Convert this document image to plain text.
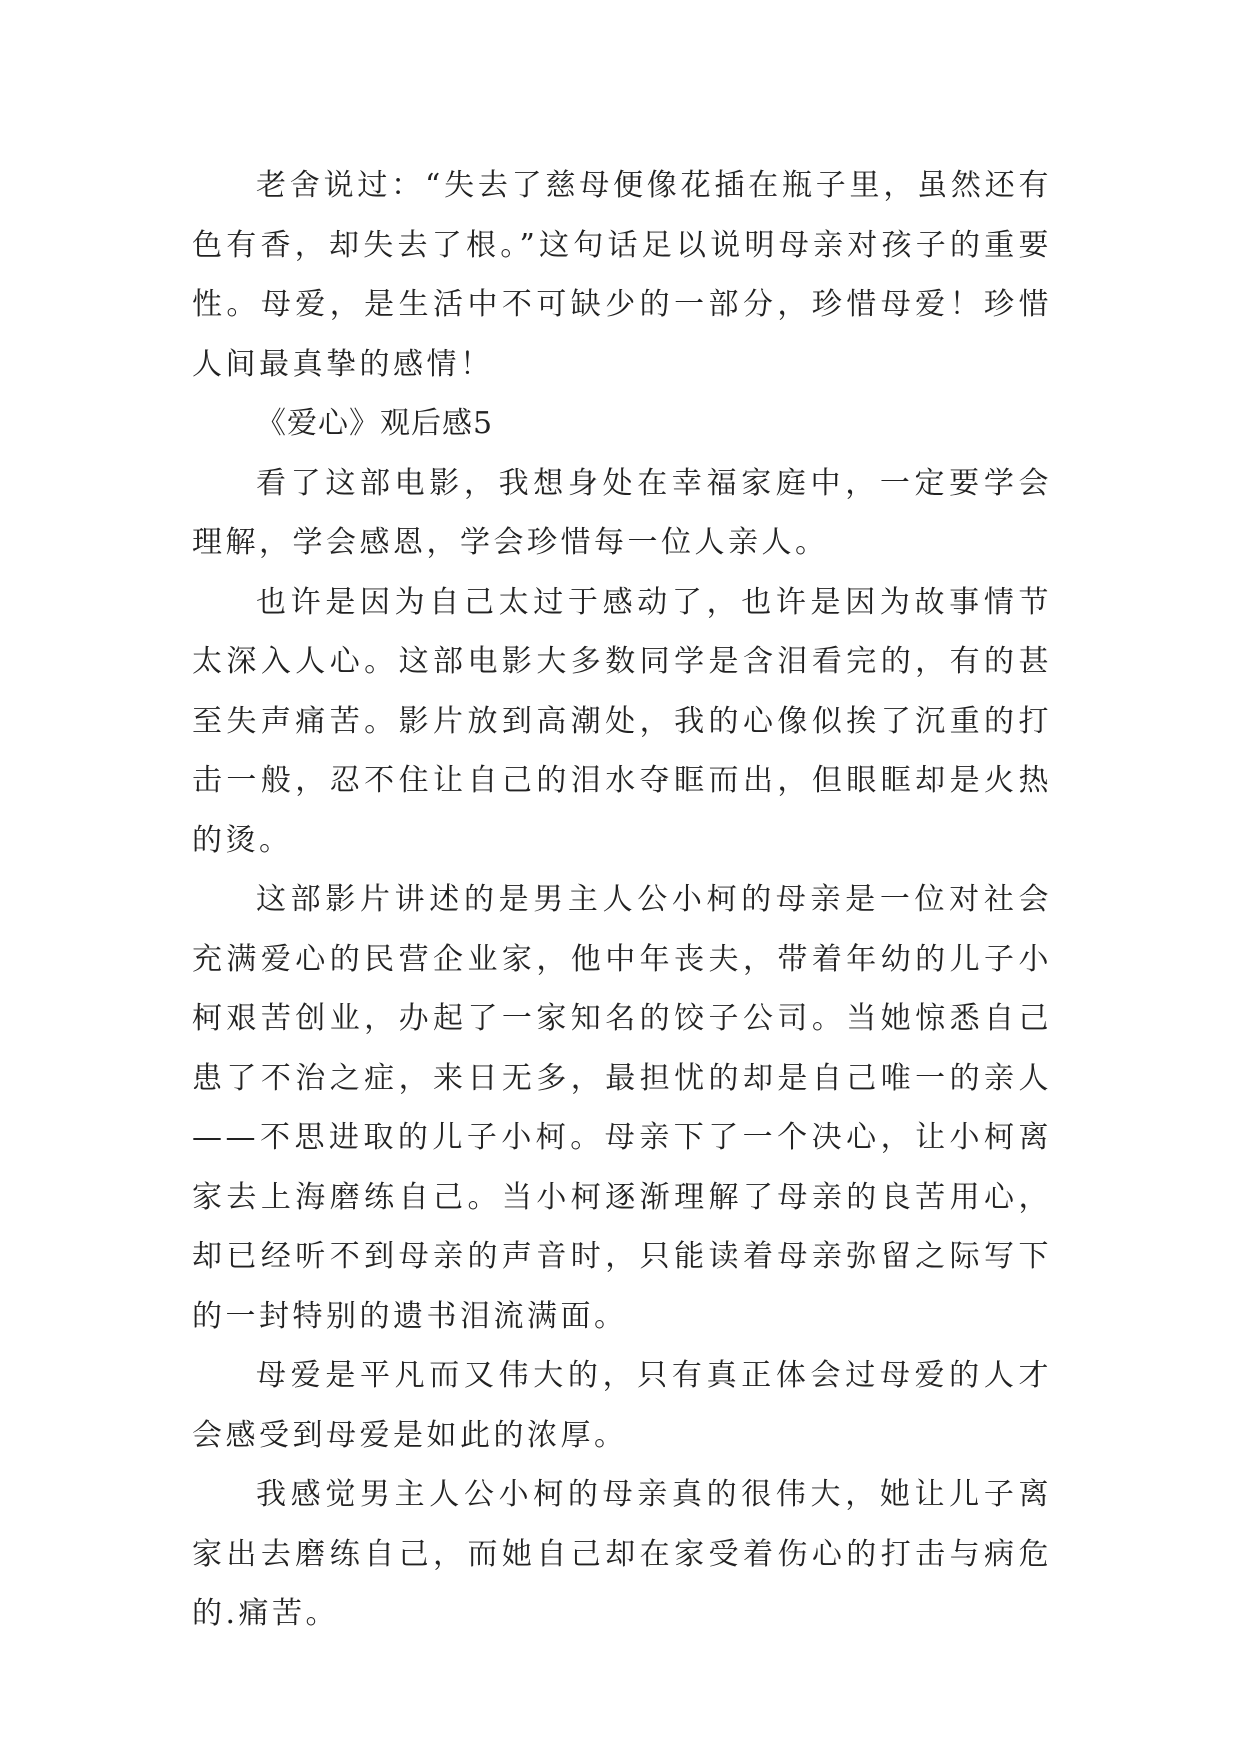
老舍说过：“失去了慈母便像花插在瓶子里，虽然还有色有香，却失去了根。”这句话足以说明母亲对孩子的重要性。母爱，是生活中不可缺少的一部分，珍惜母爱！珍惜人间最真挚的感情！

《爱心》观后感5

看了这部电影，我想身处在幸福家庭中，一定要学会理解，学会感恩，学会珍惜每一位人亲人。

也许是因为自己太过于感动了，也许是因为故事情节太深入人心。这部电影大多数同学是含泪看完的，有的甚至失声痛苦。影片放到高潮处，我的心像似挨了沉重的打击一般，忍不住让自己的泪水夺眶而出，但眼眶却是火热的烫。

这部影片讲述的是男主人公小柯的母亲是一位对社会充满爱心的民营企业家，他中年丧夫，带着年幼的儿子小柯艰苦创业，办起了一家知名的饺子公司。当她惊悉自己患了不治之症，来日无多，最担忧的却是自己唯一的亲人——不思进取的儿子小柯。母亲下了一个决心，让小柯离家去上海磨练自己。当小柯逐渐理解了母亲的良苦用心，却已经听不到母亲的声音时，只能读着母亲弥留之际写下的一封特别的遗书泪流满面。

母爱是平凡而又伟大的，只有真正体会过母爱的人才会感受到母爱是如此的浓厚。

我感觉男主人公小柯的母亲真的很伟大，她让儿子离家出去磨练自己，而她自己却在家受着伤心的打击与病危的.痛苦。
